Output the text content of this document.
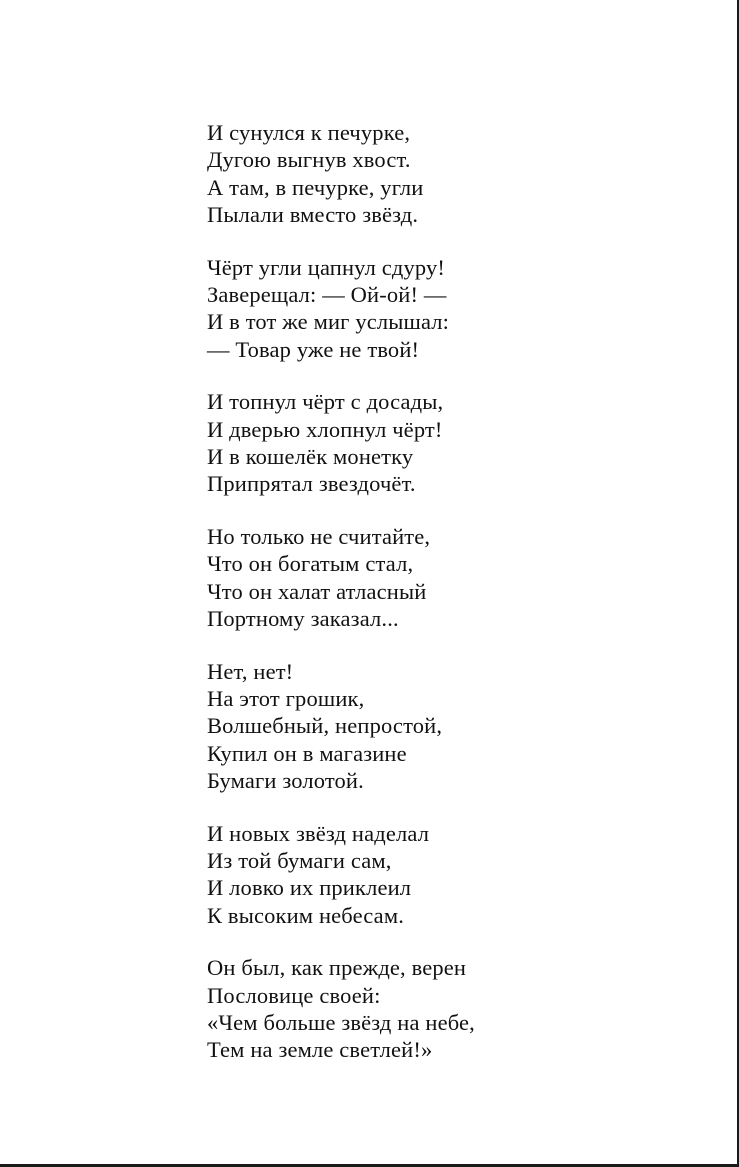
И сунулся к печурке,
Дугою выгнув хвост.
А там, в печурке, угли
Пылали вместо звёзд.
Чёрт угли цапнул сдуру!
Заверещал: — Ой-ой! —
И в тот же миг услышал:
— Товар уже не твой!
И топнул чёрт с досады,
И дверью хлопнул чёрт!
И в кошелёк монетку
Припрятал звездочёт.
Но только не считайте,
Что он богатым стал,
Что он халат атласный
Портному заказал...
Нет, нет!
На этот грошик,
Волшебный, непростой,
Купил он в магазине
Бумаги золотой.
И новых звёзд наделал
Из той бумаги сам,
И ловко их приклеил
К высоким небесам.
Он был, как прежде, верен
Пословице своей:
«Чем больше звёзд на небе,
Тем на земле светлей!»
